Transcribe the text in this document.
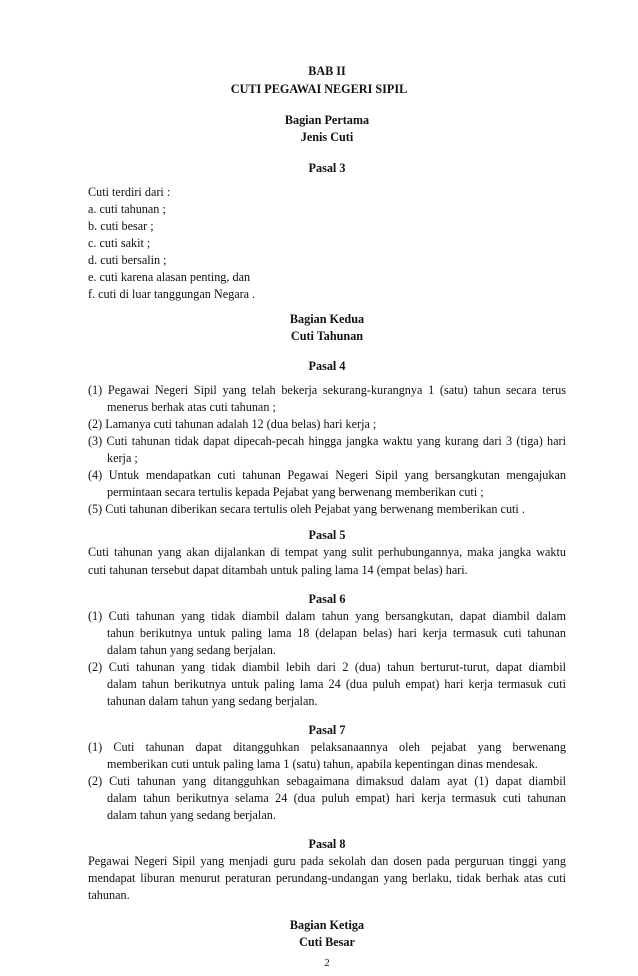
BAB II
CUTI PEGAWAI NEGERI SIPIL
Bagian Pertama
Jenis Cuti
Pasal 3
Cuti terdiri dari :
a. cuti tahunan ;
b. cuti besar ;
c. cuti sakit ;
d. cuti bersalin ;
e. cuti karena alasan penting, dan
f. cuti di luar tanggungan Negara .
Bagian Kedua
Cuti Tahunan
Pasal 4
(1) Pegawai Negeri Sipil yang telah bekerja sekurang-kurangnya 1 (satu) tahun secara terus
menerus berhak atas cuti tahunan ;
(2) Lamanya cuti tahunan adalah 12 (dua belas) hari kerja ;
(3) Cuti tahunan tidak dapat dipecah-pecah hingga jangka waktu yang kurang dari 3 (tiga) hari
kerja ;
(4) Untuk mendapatkan cuti tahunan Pegawai Negeri Sipil yang bersangkutan mengajukan
permintaan secara tertulis kepada Pejabat yang berwenang memberikan cuti ;
(5) Cuti tahunan diberikan secara tertulis oleh Pejabat yang berwenang memberikan cuti .
Pasal 5
Cuti tahunan yang akan dijalankan di tempat yang sulit perhubungannya, maka jangka waktu
cuti tahunan tersebut dapat ditambah untuk paling lama 14 (empat belas) hari.
Pasal 6
(1) Cuti tahunan yang tidak diambil dalam tahun yang bersangkutan, dapat diambil dalam
tahun berikutnya untuk paling lama 18 (delapan belas) hari kerja termasuk cuti tahunan
dalam tahun yang sedang berjalan.
(2) Cuti tahunan yang tidak diambil lebih dari 2 (dua) tahun berturut-turut, dapat diambil
dalam tahun berikutnya untuk paling lama 24 (dua puluh empat) hari kerja termasuk cuti
tahunan dalam tahun yang sedang berjalan.
Pasal 7
(1) Cuti tahunan dapat ditangguhkan pelaksanaannya oleh pejabat yang berwenang
memberikan cuti untuk paling lama 1 (satu) tahun, apabila kepentingan dinas mendesak.
(2) Cuti tahunan yang ditangguhkan sebagaimana dimaksud dalam ayat (1) dapat diambil
dalam tahun berikutnya selama 24 (dua puluh empat) hari kerja termasuk cuti tahunan
dalam tahun yang sedang berjalan.
Pasal 8
Pegawai Negeri Sipil yang menjadi guru pada sekolah dan dosen pada perguruan tinggi yang
mendapat liburan menurut peraturan perundang-undangan yang berlaku, tidak berhak atas cuti
tahunan.
Bagian Ketiga
Cuti Besar
2
